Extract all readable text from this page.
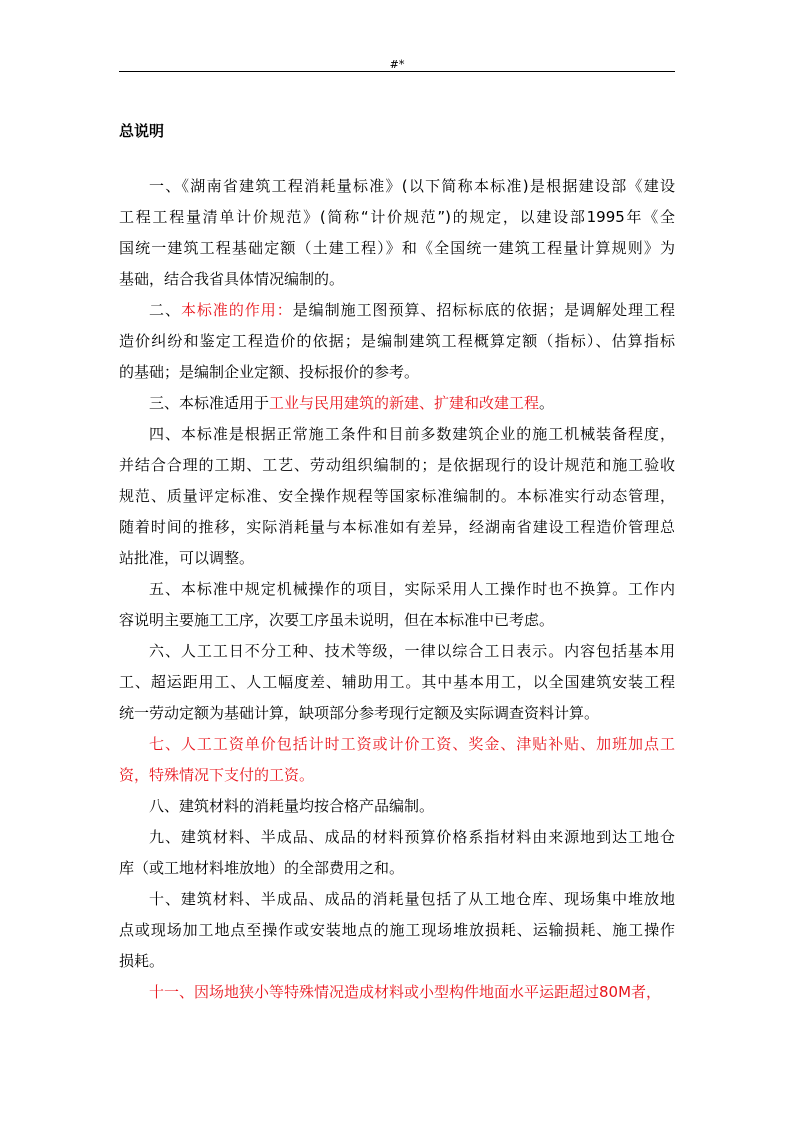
#*
总说明
一、《湖南省建筑工程消耗量标准》(以下简称本标准)是根据建设部《建设
工程工程量清单计价规范》(简称“计价规范”)的规定，以建设部1995年《全
国统一建筑工程基础定额（土建工程）》和《全国统一建筑工程量计算规则》为
基础，结合我省具体情况编制的。
二、本标准的作用：是编制施工图预算、招标标底的依据；是调解处理工程
造价纠纷和鉴定工程造价的依据；是编制建筑工程概算定额（指标）、估算指标
的基础；是编制企业定额、投标报价的参考。
三、本标准适用于工业与民用建筑的新建、扩建和改建工程。
四、本标准是根据正常施工条件和目前多数建筑企业的施工机械装备程度，
并结合合理的工期、工艺、劳动组织编制的；是依据现行的设计规范和施工验收
规范、质量评定标准、安全操作规程等国家标准编制的。本标准实行动态管理，
随着时间的推移，实际消耗量与本标准如有差异，经湖南省建设工程造价管理总
站批准，可以调整。
五、本标准中规定机械操作的项目，实际采用人工操作时也不换算。工作内
容说明主要施工工序，次要工序虽未说明，但在本标准中已考虑。
六、人工工日不分工种、技术等级，一律以综合工日表示。内容包括基本用
工、超运距用工、人工幅度差、辅助用工。其中基本用工，以全国建筑安装工程
统一劳动定额为基础计算，缺项部分参考现行定额及实际调查资料计算。
七、人工工资单价包括计时工资或计价工资、奖金、津贴补贴、加班加点工
资，特殊情况下支付的工资。
八、建筑材料的消耗量均按合格产品编制。
九、建筑材料、半成品、成品的材料预算价格系指材料由来源地到达工地仓
库（或工地材料堆放地）的全部费用之和。
十、建筑材料、半成品、成品的消耗量包括了从工地仓库、现场集中堆放地
点或现场加工地点至操作或安装地点的施工现场堆放损耗、运输损耗、施工操作
损耗。
十一、因场地狭小等特殊情况造成材料或小型构件地面水平运距超过80M者，
